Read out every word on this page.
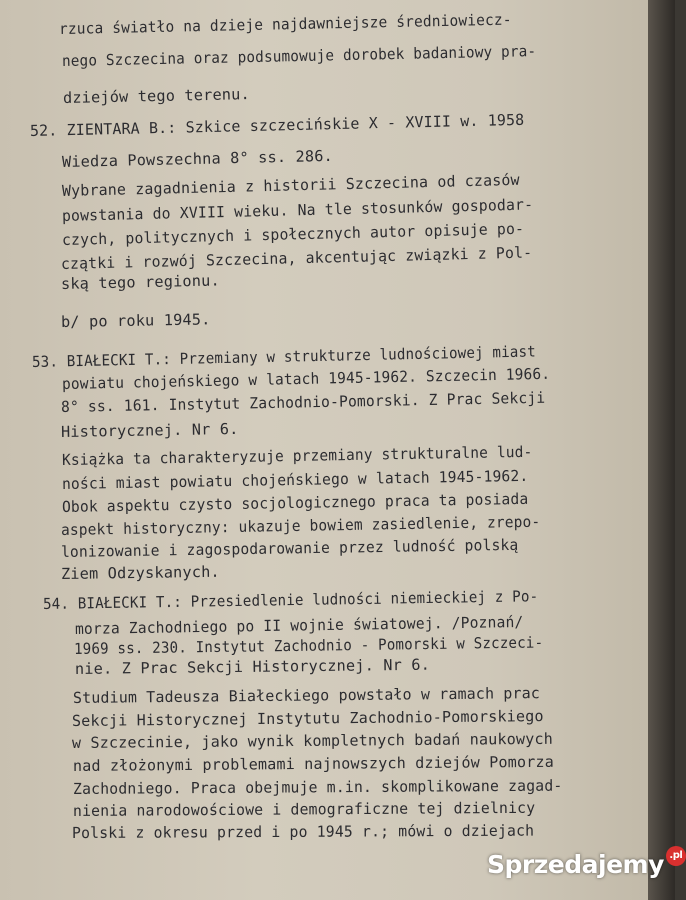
rzuca światło na dzieje najdawniejsze średniowiecz-
nego Szczecina oraz podsumowuje dorobek badaniowy pra-
dziejów tego terenu.
52. ZIENTARA B.: Szkice szczecińskie X - XVIII w. 1958
Wiedza Powszechna 8° ss. 286.
Wybrane zagadnienia z historii Szczecina od czasów
powstania do XVIII wieku. Na tle stosunków gospodar-
czych, politycznych i społecznych autor opisuje po-
czątki i rozwój Szczecina, akcentując związki z Pol-
ską tego regionu.
b/ po roku 1945.
53. BIAŁECKI T.: Przemiany w strukturze ludnościowej miast
powiatu chojeńskiego w latach 1945-1962. Szczecin 1966.
8° ss. 161. Instytut Zachodnio-Pomorski. Z Prac Sekcji
Historycznej. Nr 6.
Książka ta charakteryzuje przemiany strukturalne lud-
ności miast powiatu chojeńskiego w latach 1945-1962.
Obok aspektu czysto socjologicznego praca ta posiada
aspekt historyczny: ukazuje bowiem zasiedlenie, zrepo-
lonizowanie i zagospodarowanie przez ludność polską
Ziem Odzyskanych.
54. BIAŁECKI T.: Przesiedlenie ludności niemieckiej z Po-
morza Zachodniego po II wojnie światowej. /Poznań/
1969 ss. 230. Instytut Zachodnio - Pomorski w Szczeci-
nie. Z Prac Sekcji Historycznej. Nr 6.
Studium Tadeusza Białeckiego powstało w ramach prac
Sekcji Historycznej Instytutu Zachodnio-Pomorskiego
w Szczecinie, jako wynik kompletnych badań naukowych
nad złożonymi problemami najnowszych dziejów Pomorza
Zachodniego. Praca obejmuje m.in. skomplikowane zagad-
nienia narodowościowe i demograficzne tej dzielnicy
Polski z okresu przed i po 1945 r.; mówi o dziejach
Sprzedajemy .pl
